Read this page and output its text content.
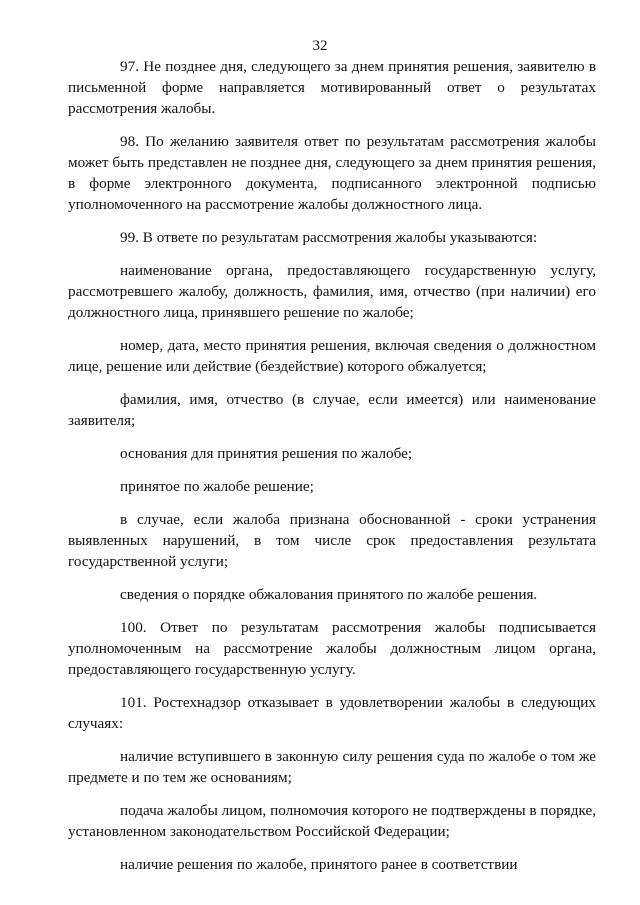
32

97. Не позднее дня, следующего за днем принятия решения, заявителю в письменной форме направляется мотивированный ответ о результатах рассмотрения жалобы.

98. По желанию заявителя ответ по результатам рассмотрения жалобы может быть представлен не позднее дня, следующего за днем принятия решения, в форме электронного документа, подписанного электронной подписью уполномоченного на рассмотрение жалобы должностного лица.

99. В ответе по результатам рассмотрения жалобы указываются:

наименование органа, предоставляющего государственную услугу, рассмотревшего жалобу, должность, фамилия, имя, отчество (при наличии) его должностного лица, принявшего решение по жалобе;

номер, дата, место принятия решения, включая сведения о должностном лице, решение или действие (бездействие) которого обжалуется;

фамилия, имя, отчество (в случае, если имеется) или наименование заявителя;

основания для принятия решения по жалобе;

принятое по жалобе решение;

в случае, если жалоба признана обоснованной - сроки устранения выявленных нарушений, в том числе срок предоставления результата государственной услуги;

сведения о порядке обжалования принятого по жалобе решения.

100. Ответ по результатам рассмотрения жалобы подписывается уполномоченным на рассмотрение жалобы должностным лицом органа, предоставляющего государственную услугу.

101. Ростехнадзор отказывает в удовлетворении жалобы в следующих случаях:

наличие вступившего в законную силу решения суда по жалобе о том же предмете и по тем же основаниям;

подача жалобы лицом, полномочия которого не подтверждены в порядке, установленном законодательством Российской Федерации;

наличие решения по жалобе, принятого ранее в соответствии
